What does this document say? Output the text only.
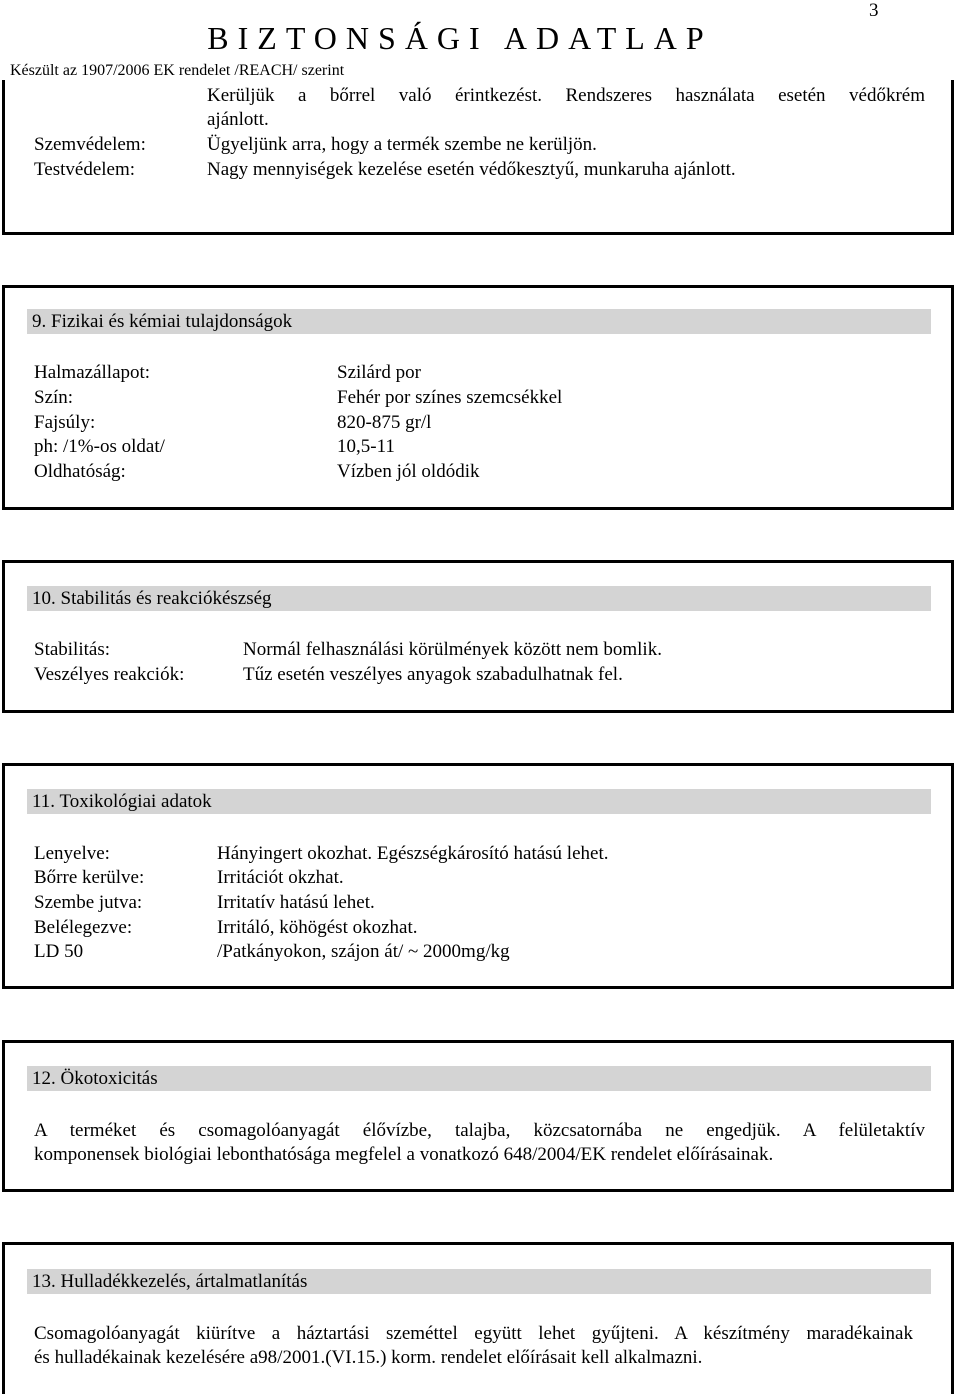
3
BIZTONSÁGI ADATLAP
Készült az 1907/2006 EK rendelet /REACH/ szerint
Kerüljük a bőrrel való érintkezést. Rendszeres használata esetén védőkrém
ajánlott.
Szemvédelem:	Ügyeljünk arra, hogy a termék szembe ne kerüljön.
Testvédelem:	Nagy mennyiségek kezelése esetén védőkesztyű, munkaruha ajánlott.
9. Fizikai és kémiai tulajdonságok
Halmazállapot:	Szilárd por
Szín:	Fehér por színes szemcsékkel
Fajsúly:	820-875 gr/l
ph: /1%-os oldat/	10,5-11
Oldhatóság:	Vízben jól oldódik
10. Stabilitás és reakciókészség
Stabilitás:	Normál felhasználási körülmények között nem bomlik.
Veszélyes reakciók:	Tűz esetén veszélyes anyagok szabadulhatnak fel.
11. Toxikológiai adatok
Lenyelve:	Hányingert okozhat. Egészségkárosító hatású lehet.
Bőrre kerülve:	Irritációt okzhat.
Szembe jutva:	Irritatív hatású lehet.
Belélegezve:	Irritáló, köhögést okozhat.
LD 50	/Patkányokon, szájon át/ ~ 2000mg/kg
12. Ökotoxicitás
A terméket és csomagolóanyagát élővízbe, talajba, közcsatornába ne engedjük. A felületaktív
komponensek biológiai lebonthatósága megfelel a vonatkozó 648/2004/EK rendelet előírásainak.
13. Hulladékkezelés, ártalmatlanítás
Csomagolóanyagát kiürítve a háztartási szeméttel együtt lehet gyűjteni. A készítmény maradékainak
és hulladékainak kezelésére a98/2001.(VI.15.) korm. rendelet előírásait kell alkalmazni.
